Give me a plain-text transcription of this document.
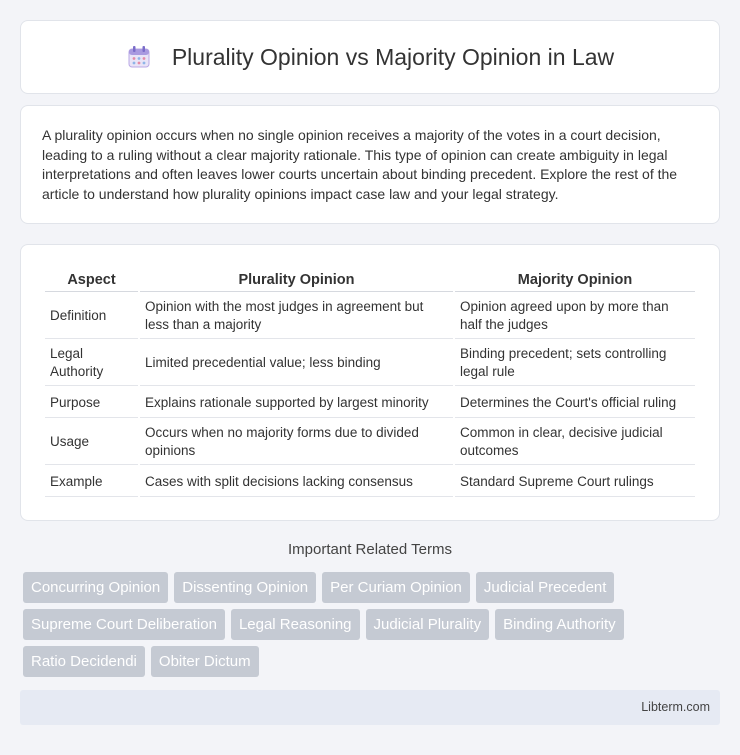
Plurality Opinion vs Majority Opinion in Law

A plurality opinion occurs when no single opinion receives a majority of the votes in a court decision, leading to a ruling without a clear majority rationale. This type of opinion can create ambiguity in legal interpretations and often leaves lower courts uncertain about binding precedent. Explore the rest of the article to understand how plurality opinions impact case law and your legal strategy.

Aspect	Plurality Opinion	Majority Opinion
Definition	Opinion with the most judges in agreement but less than a majority	Opinion agreed upon by more than half the judges
Legal Authority	Limited precedential value; less binding	Binding precedent; sets controlling legal rule
Purpose	Explains rationale supported by largest minority	Determines the Court's official ruling
Usage	Occurs when no majority forms due to divided opinions	Common in clear, decisive judicial outcomes
Example	Cases with split decisions lacking consensus	Standard Supreme Court rulings
Important Related Terms
Concurring Opinion	Dissenting Opinion	Per Curiam Opinion	Judicial Precedent
Supreme Court Deliberation	Legal Reasoning	Judicial Plurality	Binding Authority
Ratio Decidendi	Obiter Dictum
Libterm.com
